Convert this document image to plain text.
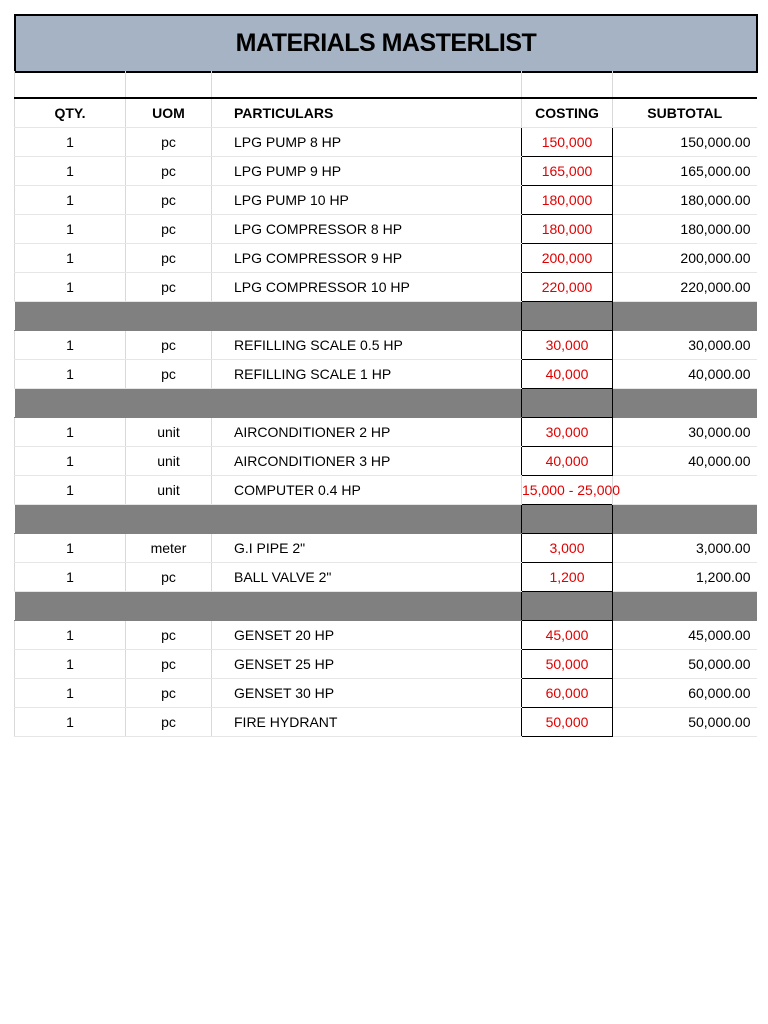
MATERIALS MASTERLIST

QTY.	UOM	PARTICULARS	COSTING	SUBTOTAL
1	pc	LPG PUMP 8 HP	150,000	150,000.00
1	pc	LPG PUMP 9 HP	165,000	165,000.00
1	pc	LPG PUMP 10 HP	180,000	180,000.00
1	pc	LPG COMPRESSOR 8 HP	180,000	180,000.00
1	pc	LPG COMPRESSOR 9 HP	200,000	200,000.00
1	pc	LPG COMPRESSOR 10 HP	220,000	220,000.00

1	pc	REFILLING SCALE 0.5 HP	30,000	30,000.00
1	pc	REFILLING SCALE 1 HP	40,000	40,000.00

1	unit	AIRCONDITIONER 2 HP	30,000	30,000.00
1	unit	AIRCONDITIONER 3 HP	40,000	40,000.00
1	unit	COMPUTER 0.4 HP	15,000 - 25,000	

1	meter	G.I PIPE 2"	3,000	3,000.00
1	pc	BALL VALVE 2"	1,200	1,200.00

1	pc	GENSET 20 HP	45,000	45,000.00
1	pc	GENSET 25 HP	50,000	50,000.00
1	pc	GENSET 30 HP	60,000	60,000.00
1	pc	FIRE HYDRANT	50,000	50,000.00
